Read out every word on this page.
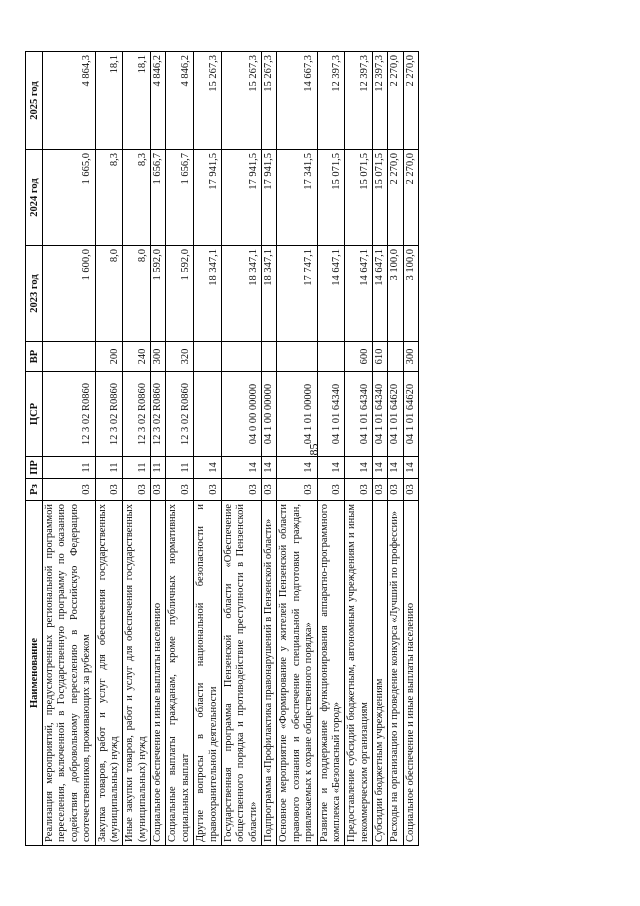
85
Наименование	Рз	ПР	ЦСР	ВР	2023 год	2024 год	2025 год
Реализация мероприятий, предусмотренных региональной программой переселения, включенной в Государственную программу по оказанию содействия добровольному переселению в Российскую Федерацию соотечественников, проживающих за рубежом	03	11	12 3 02 R0860		1 600,0	1 665,0	4 864,3
Закупка товаров, работ и услуг для обеспечения государственных (муниципальных) нужд	03	11	12 3 02 R0860	200	8,0	8,3	18,1
Иные закупки товаров, работ и услуг для обеспечения государственных (муниципальных) нужд	03	11	12 3 02 R0860	240	8,0	8,3	18,1
Социальное обеспечение и иные выплаты населению	03	11	12 3 02 R0860	300	1 592,0	1 656,7	4 846,2
Социальные выплаты гражданам, кроме публичных нормативных социальных выплат	03	11	12 3 02 R0860	320	1 592,0	1 656,7	4 846,2
Другие вопросы в области национальной безопасности и правоохранительной деятельности	03	14			18 347,1	17 941,5	15 267,3
Государственная программа Пензенской области «Обеспечение общественного порядка и противодействие преступности в Пензенской области»	03	14	04 0 00 00000		18 347,1	17 941,5	15 267,3
Подпрограмма «Профилактика правонарушений в Пензенской области»	03	14	04 1 00 00000		18 347,1	17 941,5	15 267,3
Основное мероприятие «Формирование у жителей Пензенской области правового сознания и обеспечение специальной подготовки граждан, привлекаемых к охране общественного порядка»	03	14	04 1 01 00000		17 747,1	17 341,5	14 667,3
Развитие и поддержание функционирования аппаратно-программного комплекса «Безопасный город»	03	14	04 1 01 64340		14 647,1	15 071,5	12 397,3
Предоставление субсидий бюджетным, автономным учреждениям и иным некоммерческим организациям	03	14	04 1 01 64340	600	14 647,1	15 071,5	12 397,3
Субсидии бюджетным учреждениям	03	14	04 1 01 64340	610	14 647,1	15 071,5	12 397,3
Расходы на организацию и проведение конкурса «Лучший по профессии»	03	14	04 1 01 64620		3 100,0	2 270,0	2 270,0
Социальное обеспечение и иные выплаты населению	03	14	04 1 01 64620	300	3 100,0	2 270,0	2 270,0
